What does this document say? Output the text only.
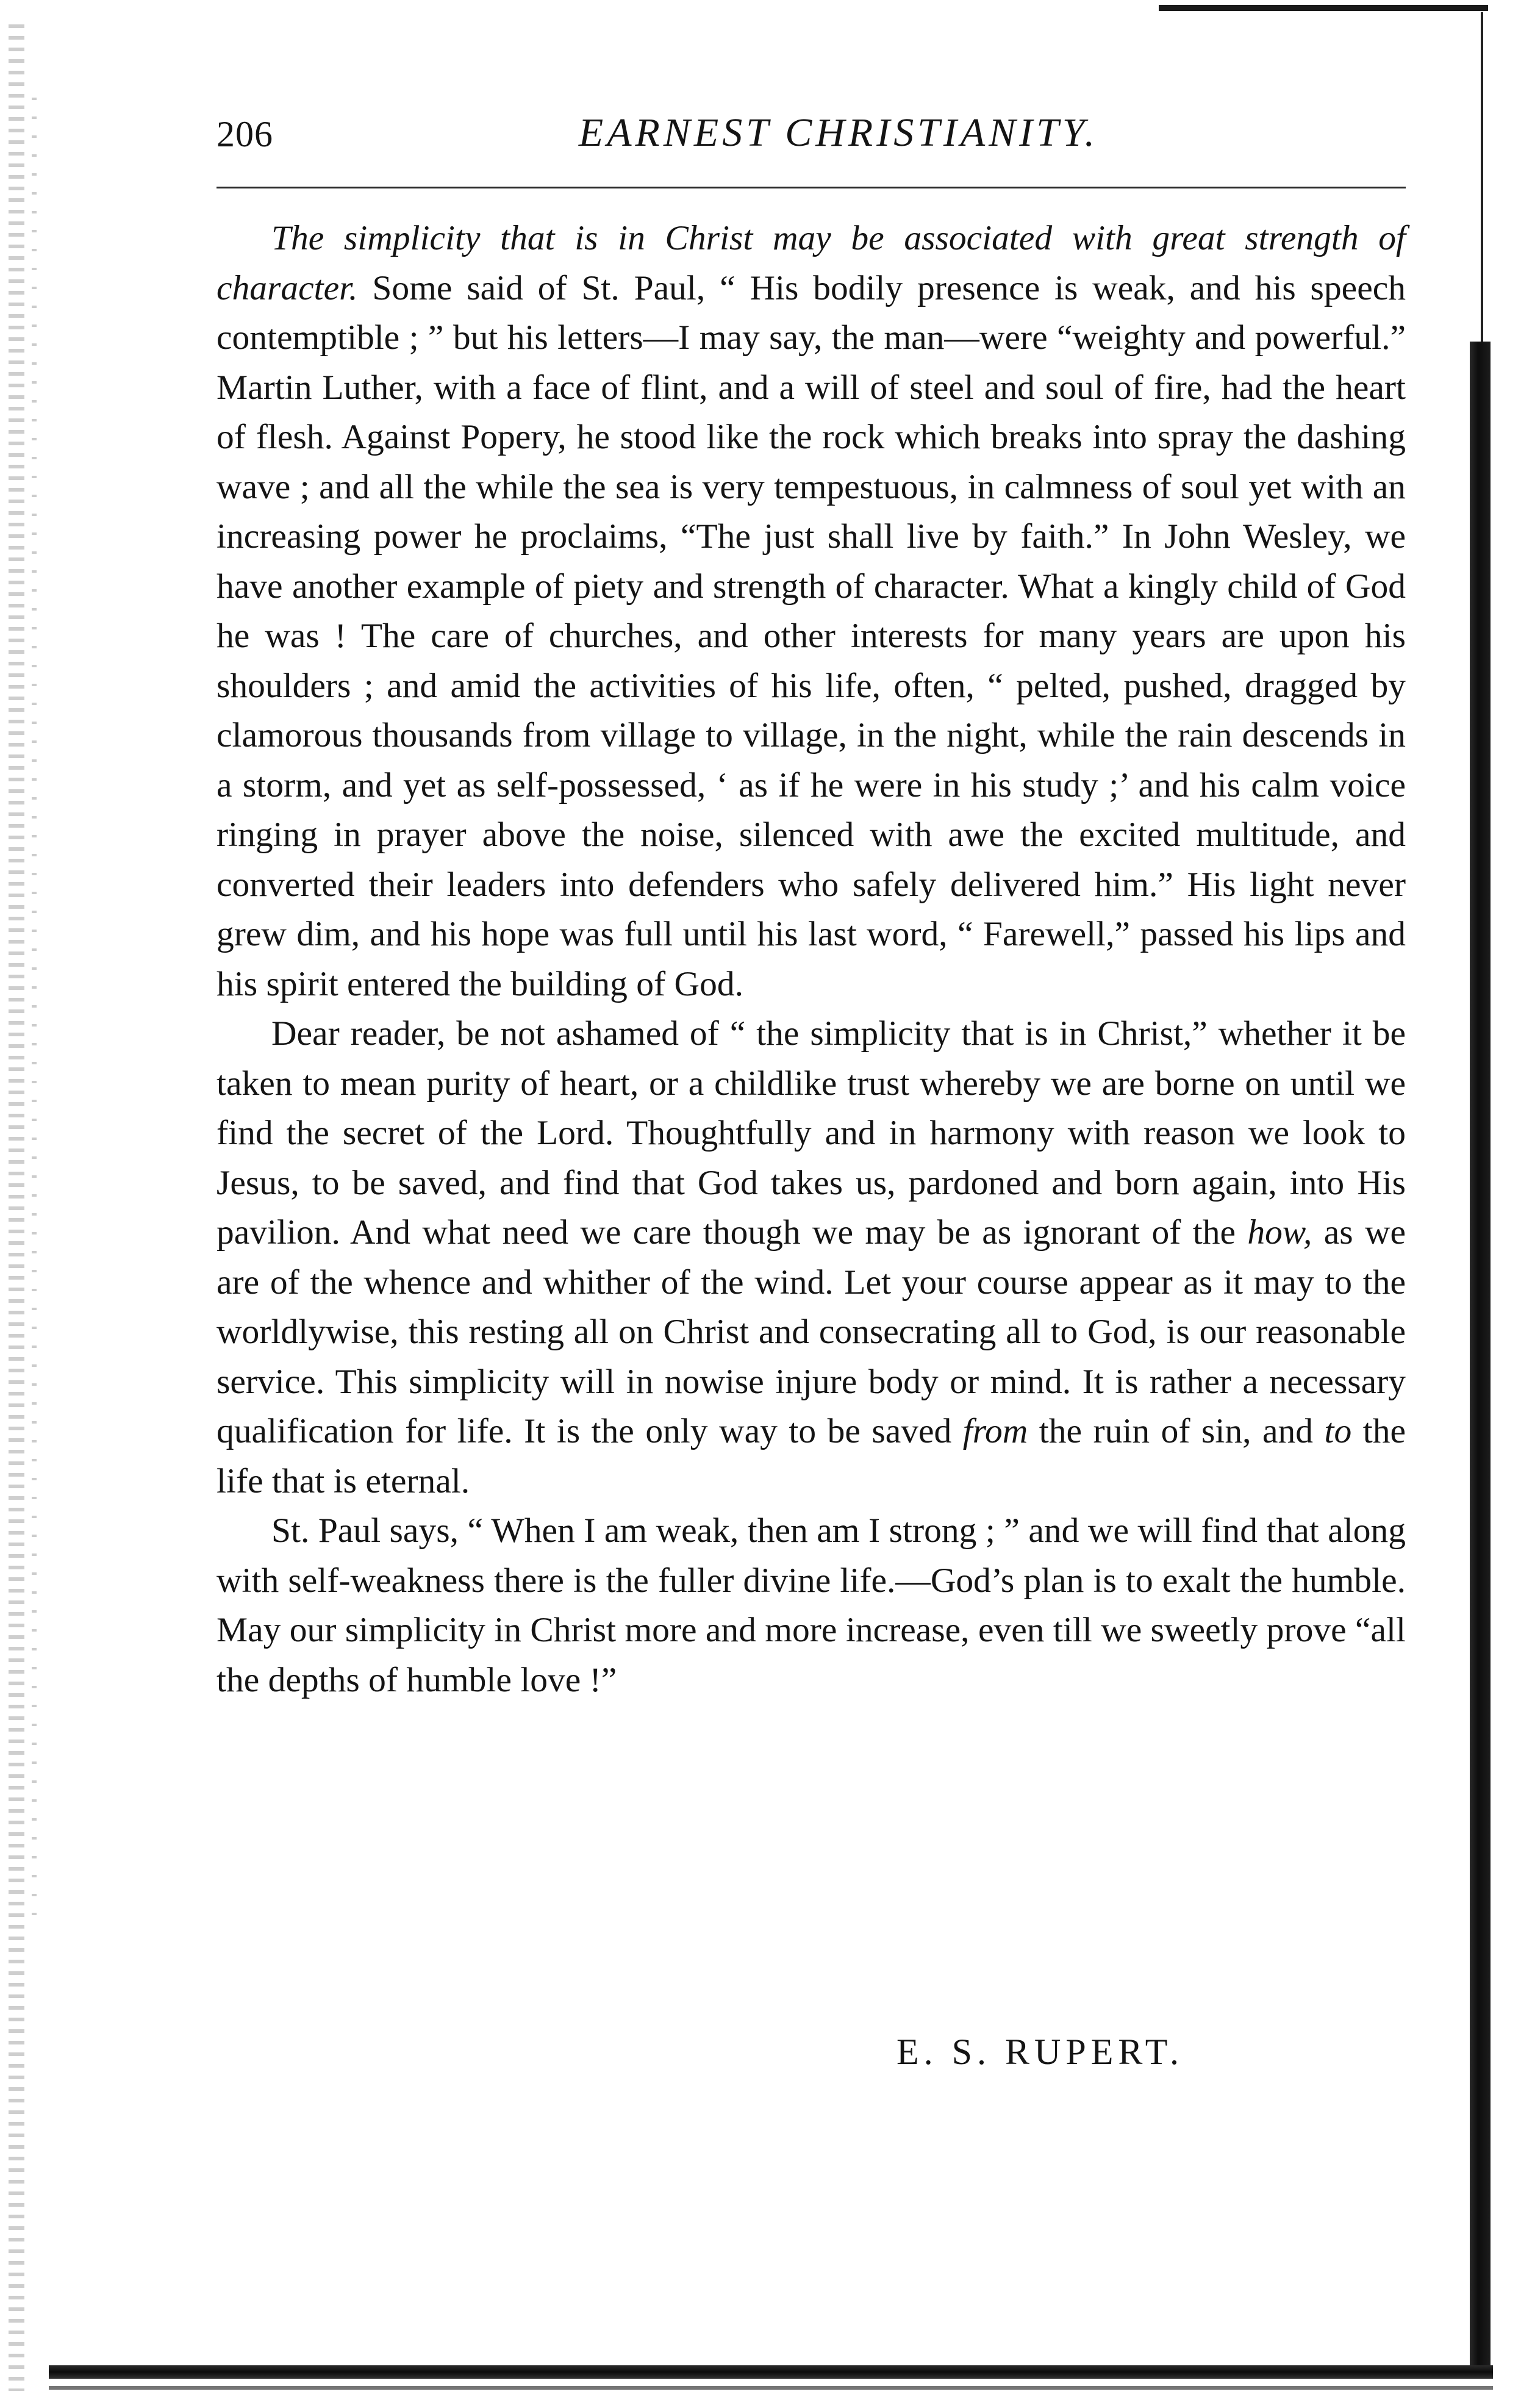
206	EARNEST CHRISTIANITY.

The simplicity that is in Christ may be associated with great strength of character. Some said of St. Paul, “ His bodily presence is weak, and his speech contemptible ; ” but his letters—I may say, the man—were “weighty and powerful.” Martin Luther, with a face of flint, and a will of steel and soul of fire, had the heart of flesh. Against Popery, he stood like the rock which breaks into spray the dashing wave ; and all the while the sea is very tempestuous, in calmness of soul yet with an increasing power he proclaims, “The just shall live by faith.” In John Wesley, we have another example of piety and strength of character. What a kingly child of God he was ! The care of churches, and other interests for many years are upon his shoulders ; and amid the activities of his life, often, “ pelted, pushed, dragged by clamorous thousands from village to village, in the night, while the rain descends in a storm, and yet as self-possessed, ‘ as if he were in his study ;’ and his calm voice ringing in prayer above the noise, silenced with awe the excited multitude, and converted their leaders into defenders who safely delivered him.” His light never grew dim, and his hope was full until his last word, “ Farewell,” passed his lips and his spirit entered the building of God.

Dear reader, be not ashamed of “ the simplicity that is in Christ,” whether it be taken to mean purity of heart, or a childlike trust whereby we are borne on until we find the secret of the Lord. Thoughtfully and in harmony with reason we look to Jesus, to be saved, and find that God takes us, pardoned and born again, into His pavilion. And what need we care though we may be as ignorant of the how, as we are of the whence and whither of the wind. Let your course appear as it may to the worldlywise, this resting all on Christ and consecrating all to God, is our reasonable service. This simplicity will in nowise injure body or mind. It is rather a necessary qualification for life. It is the only way to be saved from the ruin of sin, and to the life that is eternal.

St. Paul says, “ When I am weak, then am I strong ; ” and we will find that along with self-weakness there is the fuller divine life.—God’s plan is to exalt the humble. May our simplicity in Christ more and more increase, even till we sweetly prove “all the depths of humble love !”

E. S. RUPERT.
